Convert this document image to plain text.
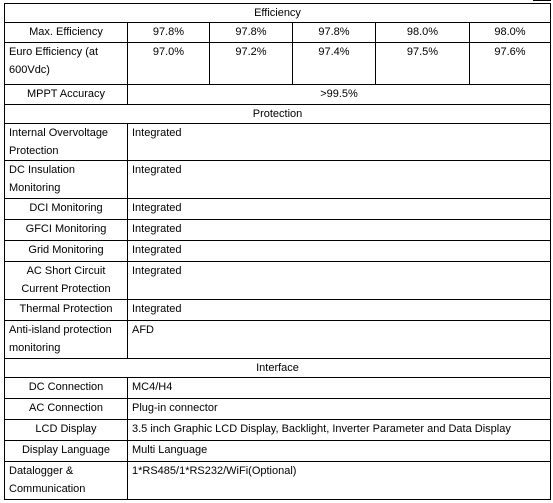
Efficiency					
Max. Efficiency	97.8%	97.8%	97.8%	98.0%	98.0%
Euro Efficiency (at 600Vdc)	97.0%	97.2%	97.4%	97.5%	97.6%
MPPT Accuracy	>99.5%				
Protection					
Internal Overvoltage Protection	Integrated				
DC Insulation Monitoring	Integrated				
DCI Monitoring	Integrated				
GFCI Monitoring	Integrated				
Grid Monitoring	Integrated				
AC Short Circuit Current Protection	Integrated				
Thermal Protection	Integrated				
Anti-island protection monitoring	AFD				
Interface					
DC Connection	MC4/H4				
AC Connection	Plug-in connector				
LCD Display	3.5 inch Graphic LCD Display, Backlight, Inverter Parameter and Data Display				
Display Language	Multi Language				
Datalogger & Communication	1*RS485/1*RS232/WiFi(Optional)				
